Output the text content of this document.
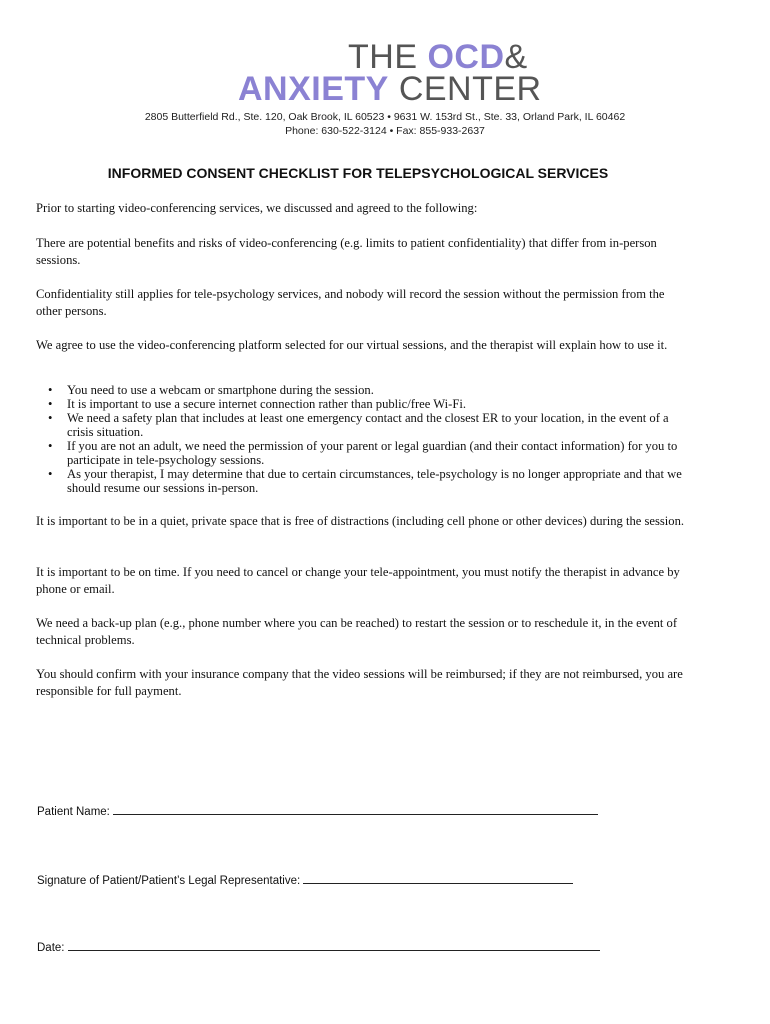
THE OCD&
ANXIETY CENTER
2805 Butterfield Rd., Ste. 120, Oak Brook, IL 60523 • 9631 W. 153rd St., Ste. 33, Orland Park, IL 60462
Phone: 630-522-3124 • Fax: 855-933-2637
INFORMED CONSENT CHECKLIST FOR TELEPSYCHOLOGICAL SERVICES
Prior to starting video-conferencing services, we discussed and agreed to the following:
There are potential benefits and risks of video-conferencing (e.g. limits to patient confidentiality) that differ from in-person sessions.
Confidentiality still applies for tele-psychology services, and nobody will record the session without the permission from the other persons.
We agree to use the video-conferencing platform selected for our virtual sessions, and the therapist will explain how to use it.
• You need to use a webcam or smartphone during the session.
• It is important to use a secure internet connection rather than public/free Wi-Fi.
• We need a safety plan that includes at least one emergency contact and the closest ER to your location, in the event of a crisis situation.
• If you are not an adult, we need the permission of your parent or legal guardian (and their contact information) for you to participate in tele-psychology sessions.
• As your therapist, I may determine that due to certain circumstances, tele-psychology is no longer appropriate and that we should resume our sessions in-person.
It is important to be in a quiet, private space that is free of distractions (including cell phone or other devices) during the session.
It is important to be on time. If you need to cancel or change your tele-appointment, you must notify the therapist in advance by phone or email.
We need a back-up plan (e.g., phone number where you can be reached) to restart the session or to reschedule it, in the event of technical problems.
You should confirm with your insurance company that the video sessions will be reimbursed; if they are not reimbursed, you are responsible for full payment.
Patient Name:
Signature of Patient/Patient’s Legal Representative:
Date:
